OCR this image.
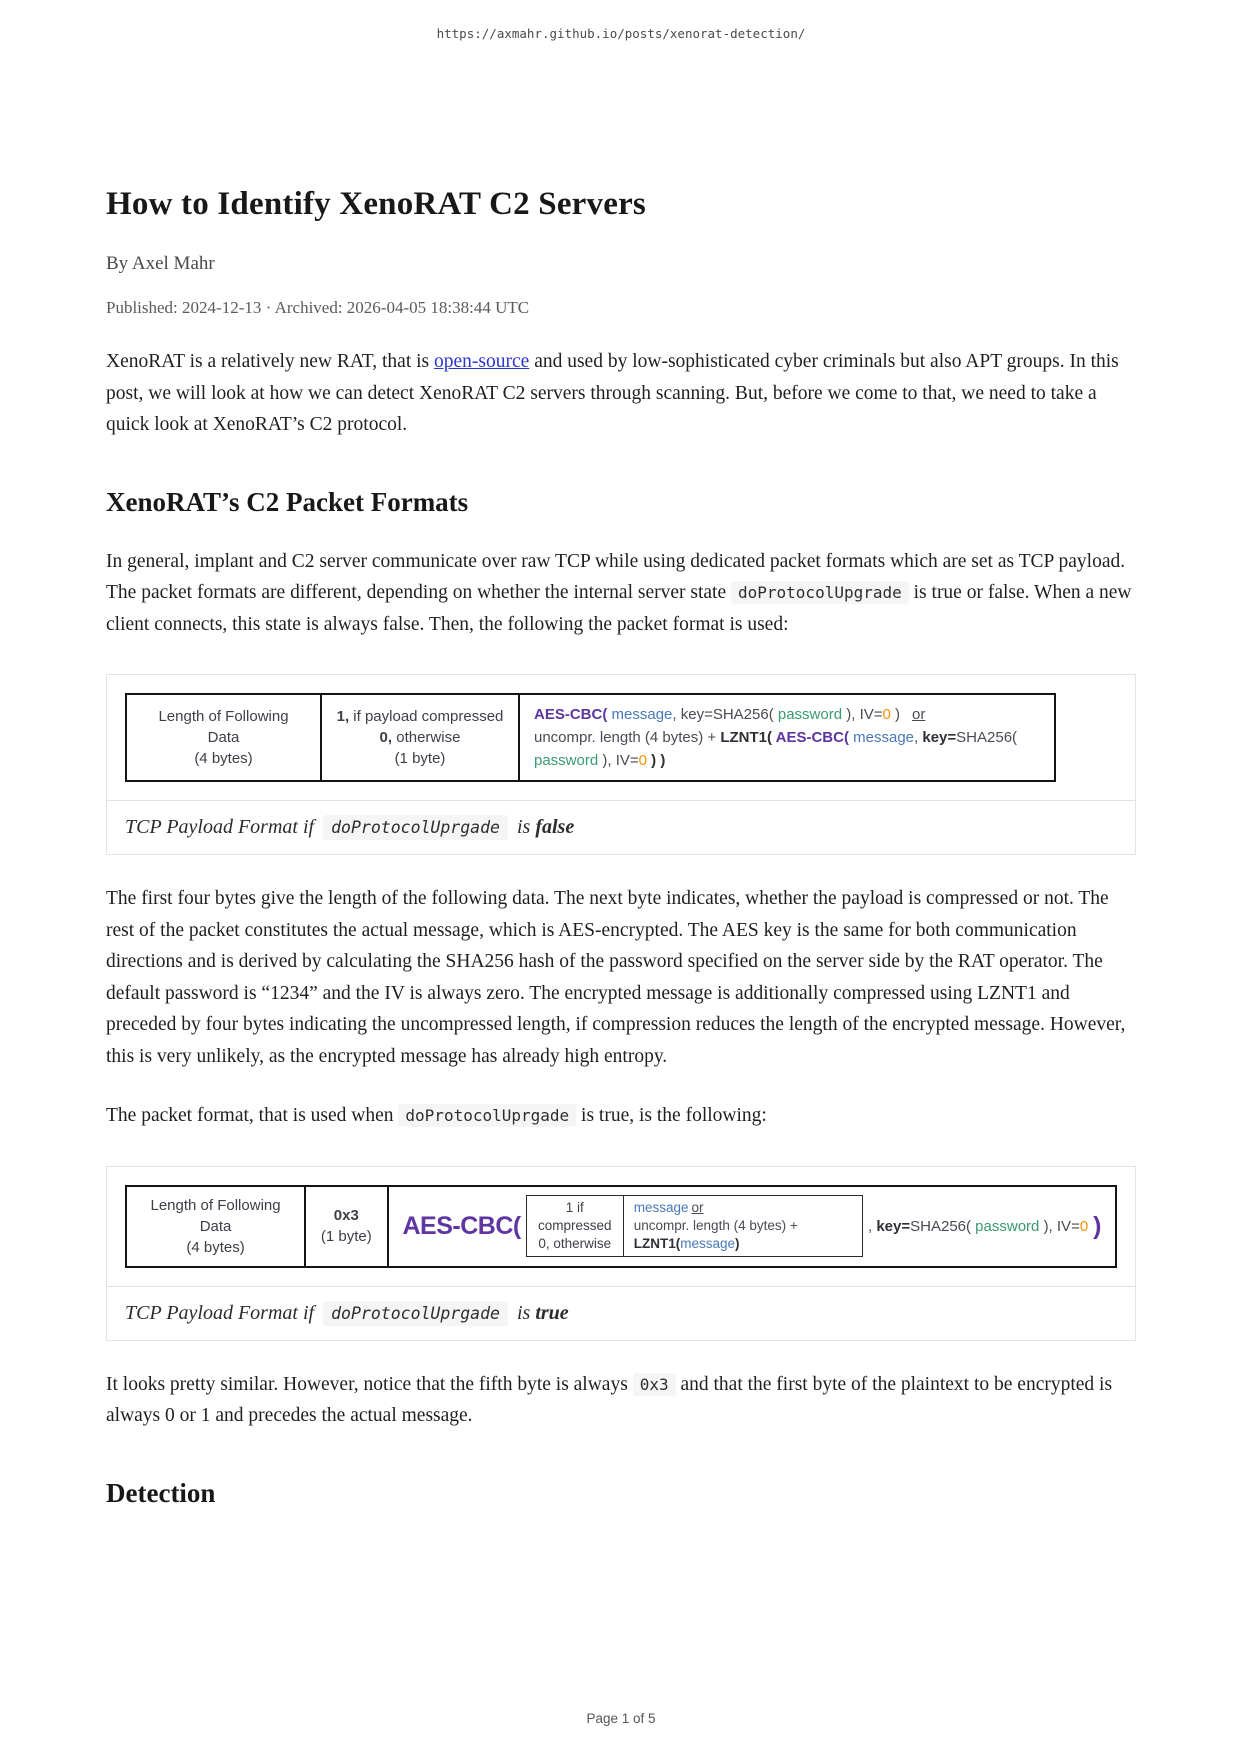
https://axmahr.github.io/posts/xenorat-detection/
How to Identify XenoRAT C2 Servers
By Axel Mahr
Published: 2024-12-13 · Archived: 2026-04-05 18:38:44 UTC

XenoRAT is a relatively new RAT, that is open-source and used by low-sophisticated cyber criminals but also APT groups. In this post, we will look at how we can detect XenoRAT C2 servers through scanning. But, before we come to that, we need to take a quick look at XenoRAT’s C2 protocol.

XenoRAT’s C2 Packet Formats

In general, implant and C2 server communicate over raw TCP while using dedicated packet formats which are set as TCP payload. The packet formats are different, depending on whether the internal server state doProtocolUpgrade is true or false. When a new client connects, this state is always false. Then, the following the packet format is used:

Length of Following Data
(4 bytes)
1, if payload compressed
0, otherwise
(1 byte)
AES-CBC( message, key=SHA256( password ), IV=0 ) or
uncompr. length (4 bytes) + LZNT1( AES-CBC( message, key=SHA256( password ), IV=0 ) )
TCP Payload Format if doProtocolUprgade is false

The first four bytes give the length of the following data. The next byte indicates, whether the payload is compressed or not. The rest of the packet constitutes the actual message, which is AES-encrypted. The AES key is the same for both communication directions and is derived by calculating the SHA256 hash of the password specified on the server side by the RAT operator. The default password is “1234” and the IV is always zero. The encrypted message is additionally compressed using LZNT1 and preceded by four bytes indicating the uncompressed length, if compression reduces the length of the encrypted message. However, this is very unlikely, as the encrypted message has already high entropy.

The packet format, that is used when doProtocolUprgade is true, is the following:

Length of Following Data
(4 bytes)
0x3
(1 byte) AES-CBC(
1 if compressed
0, otherwise
message or
uncompr. length (4 bytes) + LZNT1(message)
, key=SHA256( password ), IV=0 )
TCP Payload Format if doProtocolUprgade is true

It looks pretty similar. However, notice that the fifth byte is always 0x3 and that the first byte of the plaintext to be encrypted is always 0 or 1 and precedes the actual message.

Detection
Page 1 of 5
